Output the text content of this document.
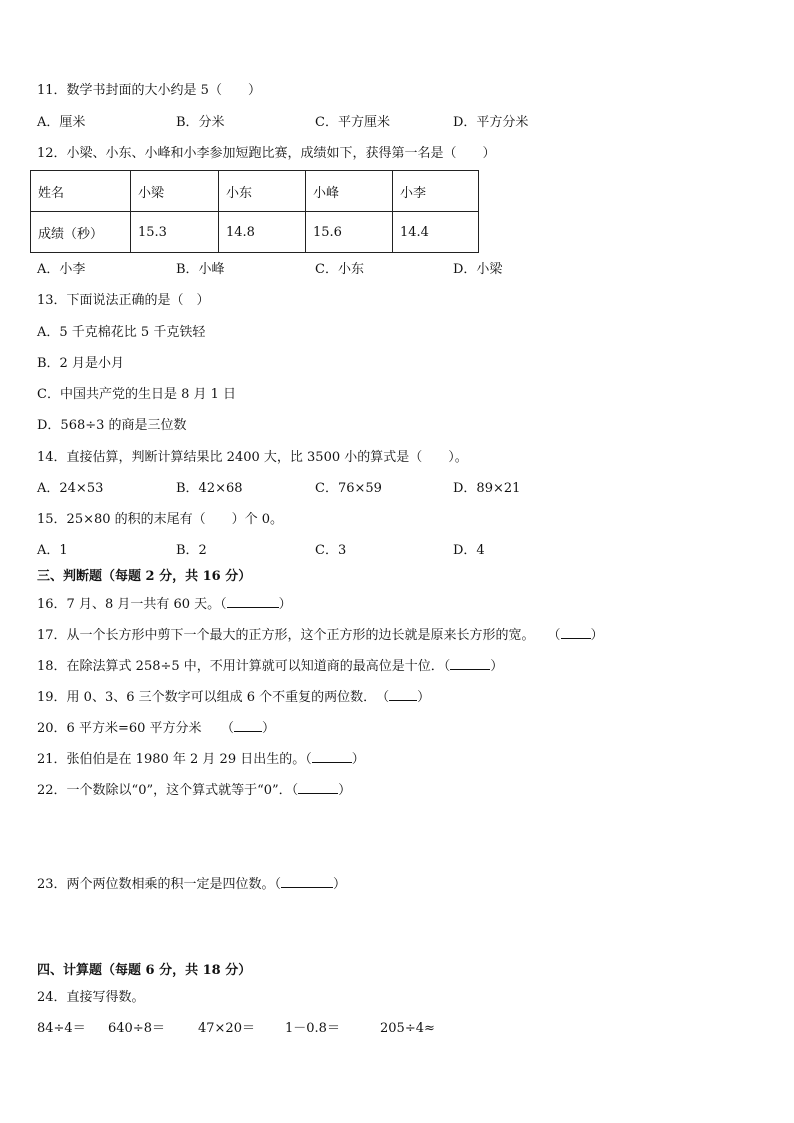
11．数学书封面的大小约是 5（　　）
A．厘米	B．分米	C．平方厘米	D．平方分米
12．小梁、小东、小峰和小李参加短跑比赛，成绩如下，获得第一名是（　　）
姓名	小梁	小东	小峰	小李
成绩（秒）	15.3	14.8	15.6	14.4
A．小李	B．小峰	C．小东	D．小梁
13．下面说法正确的是（　）
A．5 千克棉花比 5 千克铁轻
B．2 月是小月
C．中国共产党的生日是 8 月 1 日
D．568÷3 的商是三位数
14．直接估算，判断计算结果比 2400 大，比 3500 小的算式是（　　）。
A．24×53	B．42×68	C．76×59	D．89×21
15．25×80 的积的末尾有（　　）个 0。
A．1	B．2	C．3	D．4
三、判断题（每题 2 分，共 16 分）
16．7 月、8 月一共有 60 天。（	）
17．从一个长方形中剪下一个最大的正方形，这个正方形的边长就是原来长方形的宽。　　（ ）
18．在除法算式 258÷5 中，不用计算就可以知道商的最高位是十位．（	）
19．用 0、3、6 三个数字可以组成 6 个不重复的两位数．　（ ）
20．6 平方米=60 平方分米　　（ ）
21．张伯伯是在 1980 年 2 月 29 日出生的。（	）
22．一个数除以“0”，这个算式就等于“0”．（	）
23．两个两位数相乘的积一定是四位数。（	）
四、计算题（每题 6 分，共 18 分）
24．直接写得数。
84÷4＝ 640÷8＝	47×20＝ 1－0.8＝	205÷4≈
